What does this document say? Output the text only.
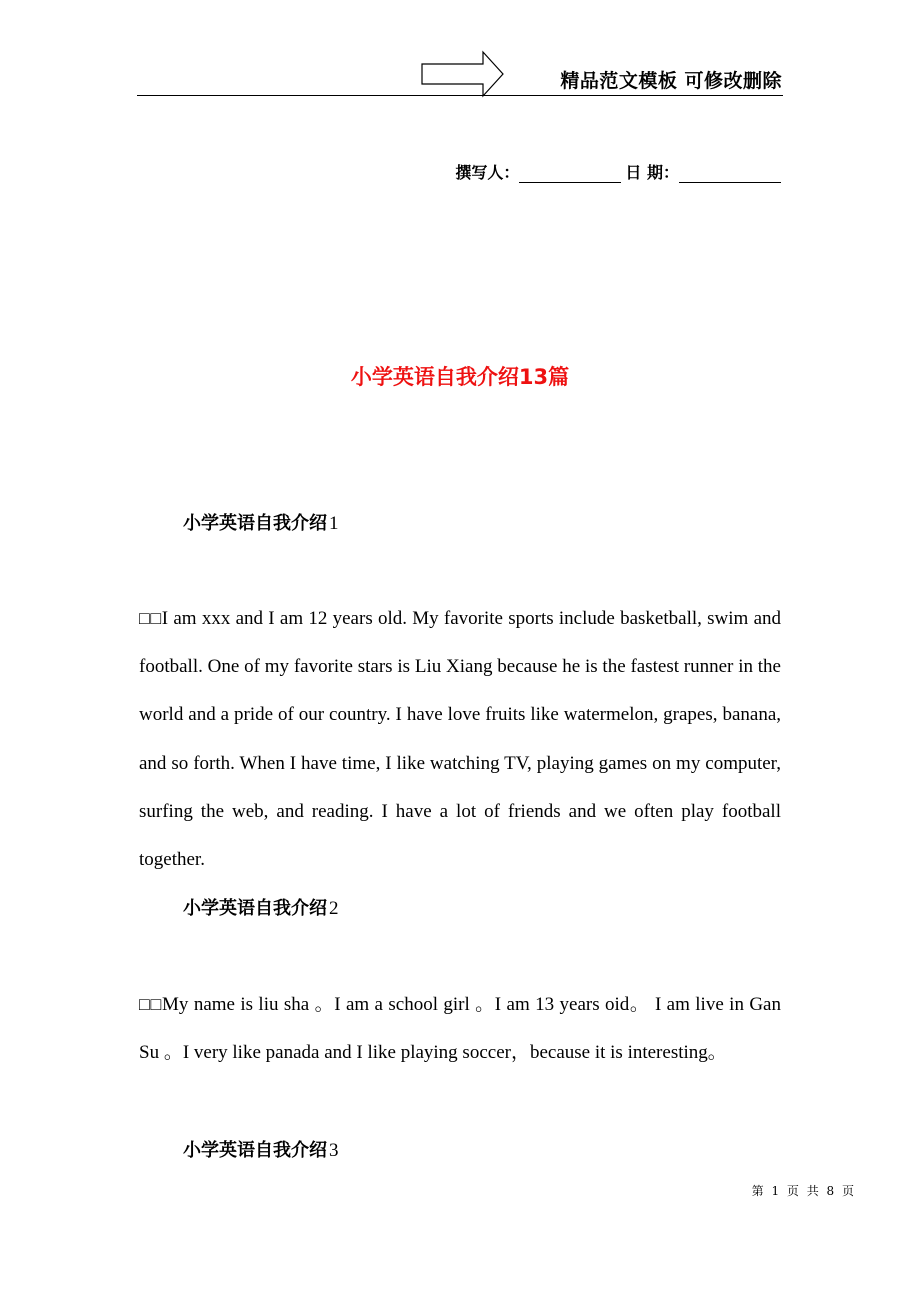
精品范文模板 可修改删除
撰写人：	日 期：
小学英语自我介绍13篇
小学英语自我介绍 1

□□I am xxx and I am 12 years old. My favorite sports include basketball, swim and football. One of my favorite stars is Liu Xiang because he is the fastest runner in the world and a pride of our country. I have love fruits like watermelon, grapes, banana, and so forth. When I have time, I like watching TV, playing games on my computer, surfing the web, and reading. I have a lot of friends and we often play football together.

小学英语自我介绍 2

□□My name is liu sha 。I am a school girl 。I am 13 years oid。 I am live in Gan Su 。I very like panada and I like playing soccer，because it is interesting。

小学英语自我介绍 3
第 1 页 共 8 页
